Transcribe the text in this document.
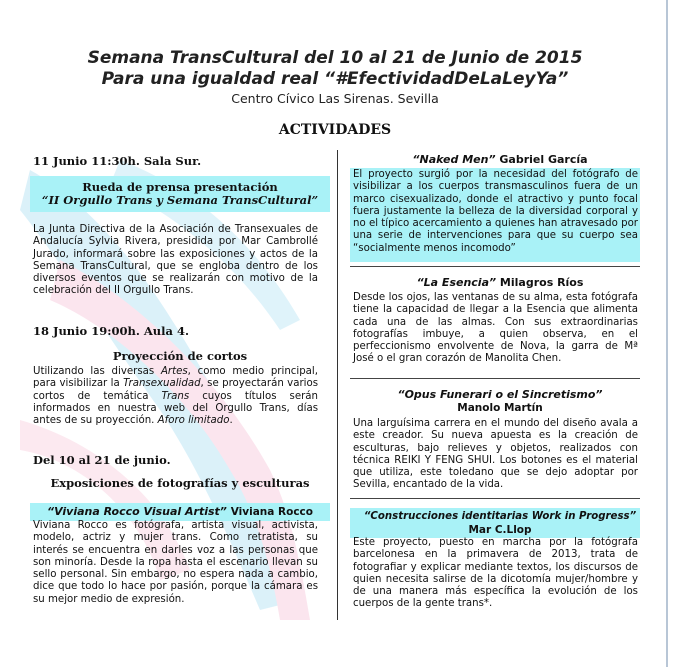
Semana TransCultural del 10 al 21 de Junio de 2015
Para una igualdad real “#EfectividadDeLaLeyYa”
Centro Cívico Las Sirenas. Sevilla
ACTIVIDADES
11 Junio 11:30h. Sala Sur.
Rueda de prensa presentación
“II Orgullo Trans y Semana TransCultural”

La Junta Directiva de la Asociación de Transexuales de Andalucía Sylvia Rivera, presidida por Mar Cambrollé Jurado, informará sobre las exposiciones y actos de la Semana TransCultural, que se engloba dentro de los diversos eventos que se realizarán con motivo de la celebración del II Orgullo Trans.

18 Junio 19:00h. Aula 4.
Proyección de cortos

Utilizando las diversas Artes, como medio principal, para visibilizar la Transexualidad, se proyectarán varios cortos de temática Trans cuyos títulos serán informados en nuestra web del Orgullo Trans, días antes de su proyección. Aforo limitado.

Del 10 al 21 de junio.
Exposiciones de fotografías y esculturas
“Viviana Rocco Visual Artist” Viviana Rocco

Viviana Rocco es fotógrafa, artista visual, activista, modelo, actriz y mujer trans. Como retratista, su interés se encuentra en darles voz a las personas que son minoría. Desde la ropa hasta el escenario llevan su sello personal. Sin embargo, no espera nada a cambio, dice que todo lo hace por pasión, porque la cámara es su mejor medio de expresión.

“Naked Men” Gabriel García

El proyecto surgió por la necesidad del fotógrafo de visibilizar a los cuerpos transmasculinos fuera de un marco cisexualizado, donde el atractivo y punto focal fuera justamente la belleza de la diversidad corporal y no el típico acercamiento a quienes han atravesado por una serie de intervenciones para que su cuerpo sea “socialmente menos incomodo”

“La Esencia” Milagros Ríos

Desde los ojos, las ventanas de su alma, esta fotógrafa tiene la capacidad de llegar a la Esencia que alimenta cada una de las almas. Con sus extraordinarias fotografías imbuye, a quien observa, en el perfeccionismo envolvente de Nova, la garra de Mª José o el gran corazón de Manolita Chen.

“Opus Funerari o el Sincretismo”
Manolo Martín

Una larguísima carrera en el mundo del diseño avala a este creador. Su nueva apuesta es la creación de esculturas, bajo relieves y objetos, realizados con técnica REIKI Y FENG SHUI. Los botones es el material que utiliza, este toledano que se dejo adoptar por Sevilla, encantado de la vida.

“Construcciones identitarias Work in Progress”
Mar C.Llop

Este proyecto, puesto en marcha por la fotógrafa barcelonesa en la primavera de 2013, trata de fotografiar y explicar mediante textos, los discursos de quien necesita salirse de la dicotomía mujer/hombre y de una manera más específica la evolución de los cuerpos de la gente trans*.
